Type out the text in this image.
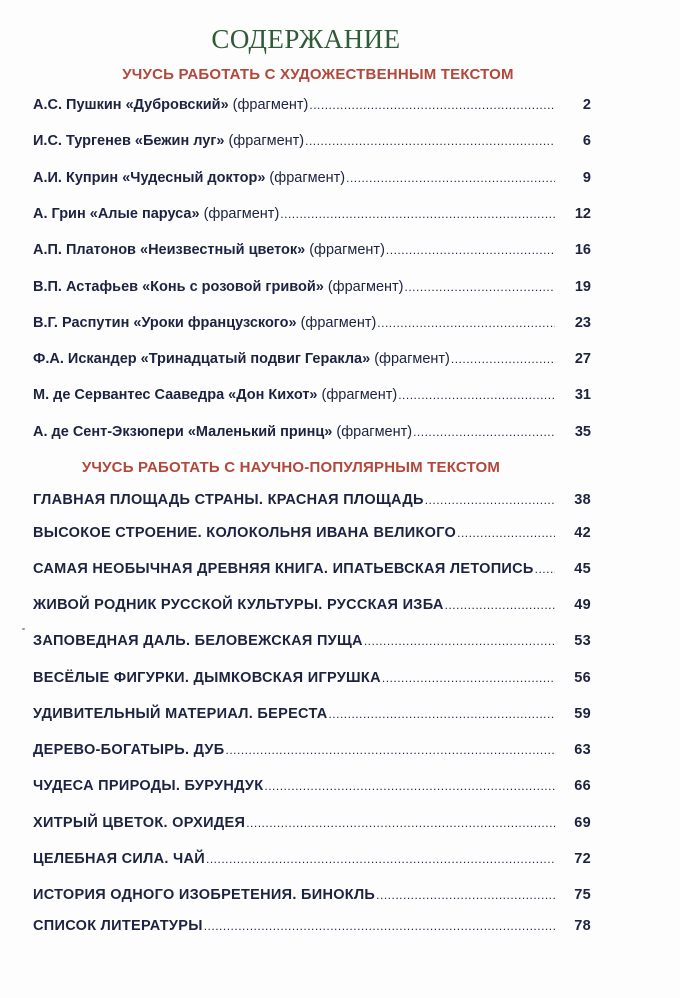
СОДЕРЖАНИЕ
УЧУСЬ РАБОТАТЬ С ХУДОЖЕСТВЕННЫМ ТЕКСТОМ
А.С. Пушкин «Дубровский» (фрагмент) .....	2
И.С. Тургенев «Бежин луг» (фрагмент) .....	6
А.И. Куприн «Чудесный доктор» (фрагмент) .....	9
А. Грин «Алые паруса» (фрагмент) .....	12
А.П. Платонов «Неизвестный цветок» (фрагмент) .....	16
В.П. Астафьев «Конь с розовой гривой» (фрагмент) .....	19
В.Г. Распутин «Уроки французского» (фрагмент) .....	23
Ф.А. Искандер «Тринадцатый подвиг Геракла» (фрагмент) .....	27
М. де Сервантес Сааведра «Дон Кихот» (фрагмент) .....	31
А. де Сент-Экзюпери «Маленький принц» (фрагмент) .....	35
УЧУСЬ РАБОТАТЬ С НАУЧНО-ПОПУЛЯРНЫМ ТЕКСТОМ
ГЛАВНАЯ ПЛОЩАДЬ СТРАНЫ. КРАСНАЯ ПЛОЩАДЬ .....	38
ВЫСОКОЕ СТРОЕНИЕ. КОЛОКОЛЬНЯ ИВАНА ВЕЛИКОГО .....	42
САМАЯ НЕОБЫЧНАЯ ДРЕВНЯЯ КНИГА. ИПАТЬЕВСКАЯ ЛЕТОПИСЬ .....	45
ЖИВОЙ РОДНИК РУССКОЙ КУЛЬТУРЫ. РУССКАЯ ИЗБА .....	49
ЗАПОВЕДНАЯ ДАЛЬ. БЕЛОВЕЖСКАЯ ПУЩА .....	53
ВЕСЁЛЫЕ ФИГУРКИ. ДЫМКОВСКАЯ ИГРУШКА .....	56
УДИВИТЕЛЬНЫЙ МАТЕРИАЛ. БЕРЕСТА .....	59
ДЕРЕВО-БОГАТЫРЬ. ДУБ .....	63
ЧУДЕСА ПРИРОДЫ. БУРУНДУК .....	66
ХИТРЫЙ ЦВЕТОК. ОРХИДЕЯ .....	69
ЦЕЛЕБНАЯ СИЛА. ЧАЙ .....	72
ИСТОРИЯ ОДНОГО ИЗОБРЕТЕНИЯ. БИНОКЛЬ .....	75
СПИСОК ЛИТЕРАТУРЫ .....	78
